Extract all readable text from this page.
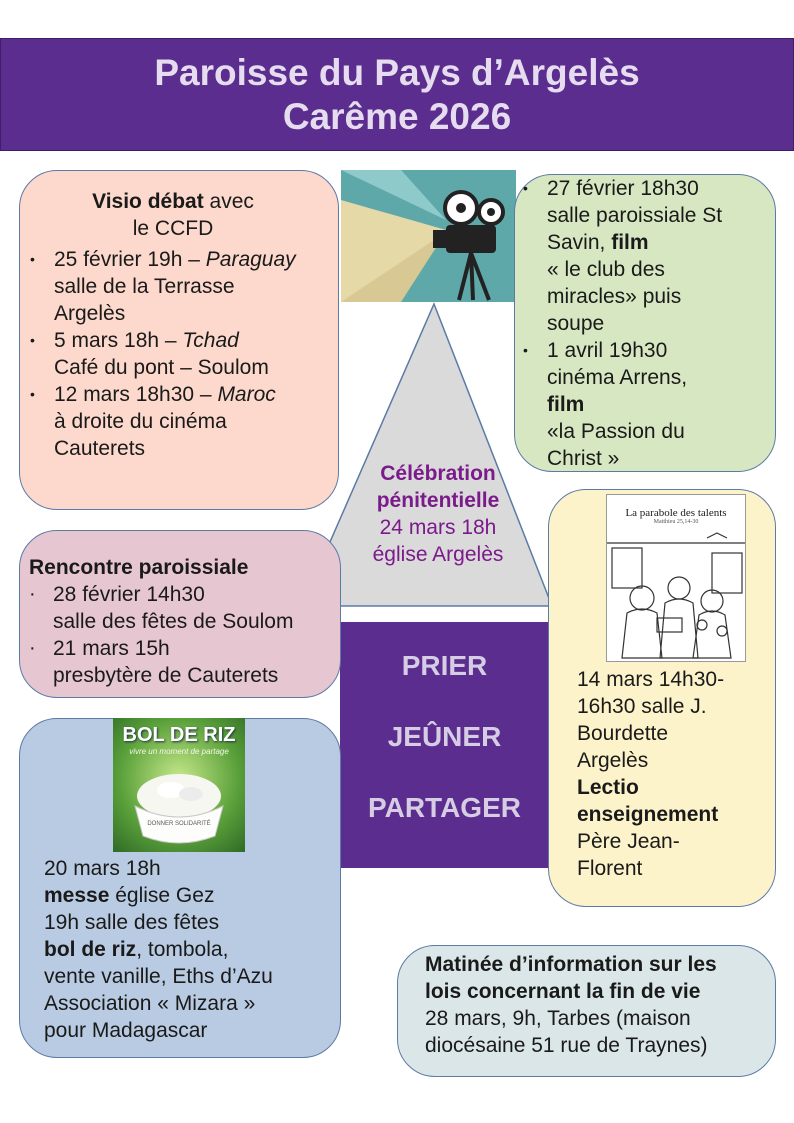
Paroisse du Pays d’Argelès
Carême 2026
PRIER
JEÛNER
PARTAGER
Célébration
pénitentielle
24 mars 18h
église Argelès
Visio débat avec
le CCFD
• 25 février 19h – Paraguay
salle de la Terrasse
Argelès
• 5 mars 18h – Tchad
Café du pont – Soulom
• 12 mars 18h30 – Maroc
à droite du cinéma
Cauterets
• 27 février 18h30
salle paroissiale St
Savin, film
« le club des
miracles» puis
soupe
• 1 avril 19h30
cinéma Arrens,
film
«la Passion du
Christ »
Rencontre paroissiale
· 28 février 14h30
salle des fêtes de Soulom
· 21 mars 15h
presbytère de Cauterets	14 mars 14h30-
16h30 salle J.
Bourdette
Argelès
Lectio
enseignement
Père Jean-
Florent
La parabole des talents
Matthieu 25,14-30
20 mars 18h
messe église Gez
19h salle des fêtes
bol de riz, tombola,
vente vanille, Eths d’Azu
Association « Mizara »
pour Madagascar
BOL DE RIZ
vivre un moment de partage
DONNER SOLIDARITÉ
Matinée d’information sur les
lois concernant la fin de vie
28 mars, 9h, Tarbes (maison
diocésaine 51 rue de Traynes)
